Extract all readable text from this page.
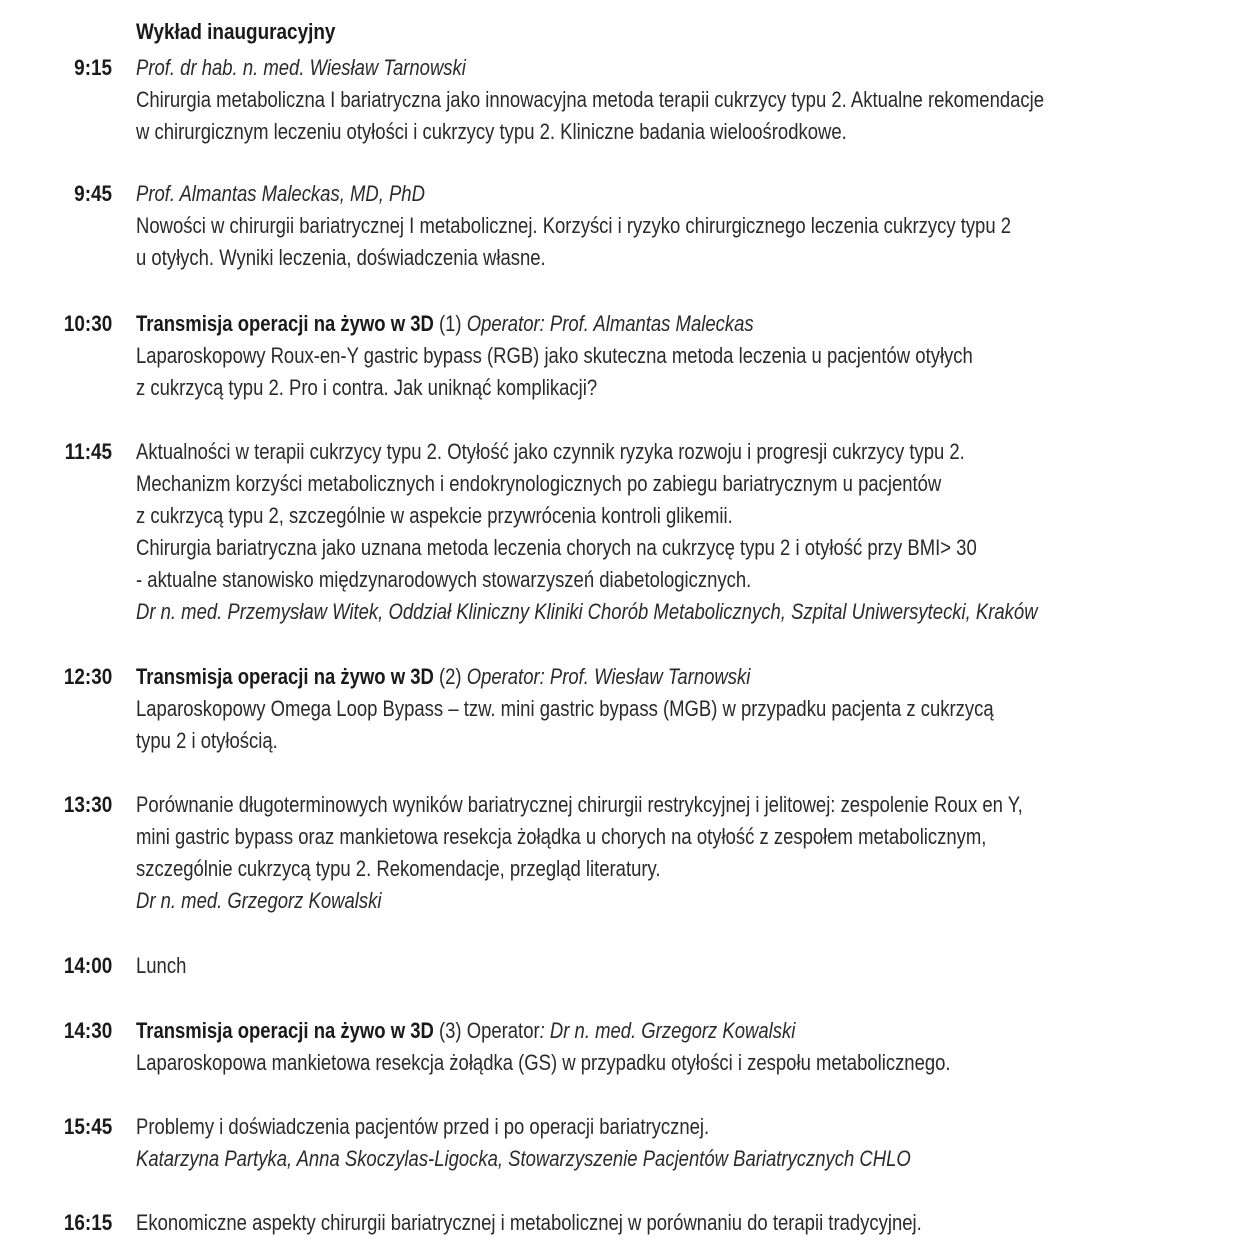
Wykład inauguracyjny
9:15 Prof. dr hab. n. med. Wiesław Tarnowski
Chirurgia metaboliczna I bariatryczna jako innowacyjna metoda terapii cukrzycy typu 2. Aktualne rekomendacje
w chirurgicznym leczeniu otyłości i cukrzycy typu 2. Kliniczne badania wieloośrodkowe.
9:45 Prof. Almantas Maleckas, MD, PhD
Nowości w chirurgii bariatrycznej I metabolicznej. Korzyści i ryzyko chirurgicznego leczenia cukrzycy typu 2
u otyłych. Wyniki leczenia, doświadczenia własne.
10:30 Transmisja operacji na żywo w 3D (1) Operator: Prof. Almantas Maleckas
Laparoskopowy Roux-en-Y gastric bypass (RGB) jako skuteczna metoda leczenia u pacjentów otyłych
z cukrzycą typu 2. Pro i contra. Jak uniknąć komplikacji?
11:45 Aktualności w terapii cukrzycy typu 2. Otyłość jako czynnik ryzyka rozwoju i progresji cukrzycy typu 2.
Mechanizm korzyści metabolicznych i endokrynologicznych po zabiegu bariatrycznym u pacjentów
z cukrzycą typu 2, szczególnie w aspekcie przywrócenia kontroli glikemii.
Chirurgia bariatryczna jako uznana metoda leczenia chorych na cukrzycę typu 2 i otyłość przy BMI> 30
- aktualne stanowisko międzynarodowych stowarzyszeń diabetologicznych.
Dr n. med. Przemysław Witek, Oddział Kliniczny Kliniki Chorób Metabolicznych, Szpital Uniwersytecki, Kraków
12:30 Transmisja operacji na żywo w 3D (2) Operator: Prof. Wiesław Tarnowski
Laparoskopowy Omega Loop Bypass – tzw. mini gastric bypass (MGB) w przypadku pacjenta z cukrzycą
typu 2 i otyłością.
13:30 Porównanie długoterminowych wyników bariatrycznej chirurgii restrykcyjnej i jelitowej: zespolenie Roux en Y,
mini gastric bypass oraz mankietowa resekcja żołądka u chorych na otyłość z zespołem metabolicznym,
szczególnie cukrzycą typu 2. Rekomendacje, przegląd literatury.
Dr n. med. Grzegorz Kowalski
14:00 Lunch
14:30 Transmisja operacji na żywo w 3D (3) Operator: Dr n. med. Grzegorz Kowalski
Laparoskopowa mankietowa resekcja żołądka (GS) w przypadku otyłości i zespołu metabolicznego.
15:45 Problemy i doświadczenia pacjentów przed i po operacji bariatrycznej.
Katarzyna Partyka, Anna Skoczylas-Ligocka, Stowarzyszenie Pacjentów Bariatrycznych CHLO
16:15 Ekonomiczne aspekty chirurgii bariatrycznej i metabolicznej w porównaniu do terapii tradycyjnej.
